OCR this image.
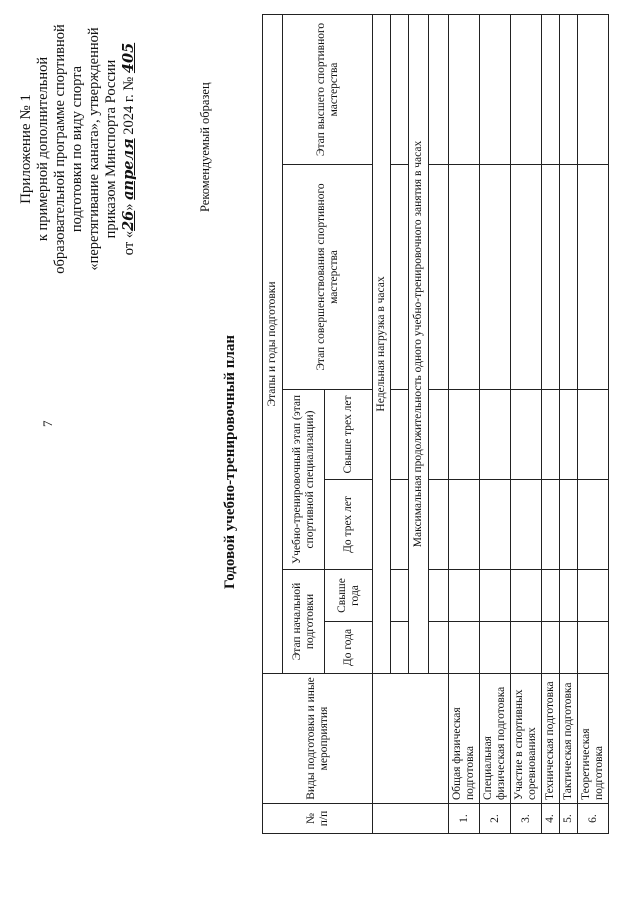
7
Приложение № 1 к примерной дополнительной образовательной программе спортивной подготовки по виду спорта «перетягивание каната», утвержденной приказом Минспорта России
от «26» апреля 2024 г. № 405
Рекомендуемый образец
Годовой учебно-тренировочный план
№ п/п	Виды подготовки и иные мероприятия	Этапы и годы подготовки					
		Этап начальной подготовки		Учебно-тренировочный этап (этап спортивной специализации)		Этап совершенствования спортивного мастерства	Этап высшего спортивного мастерства
		До года	Свыше года	До трех лет	Свыше трех лет		
		Недельная нагрузка в часах					

		Максимальная продолжительность одного учебно-тренировочного занятия в часах					

1.	Общая физическая подготовка						
2.	Специальная физическая подготовка						
3.	Участие в спортивных соревнованиях						
4.	Техническая подготовка						
5.	Тактическая подготовка						
6.	Теоретическая подготовка						
